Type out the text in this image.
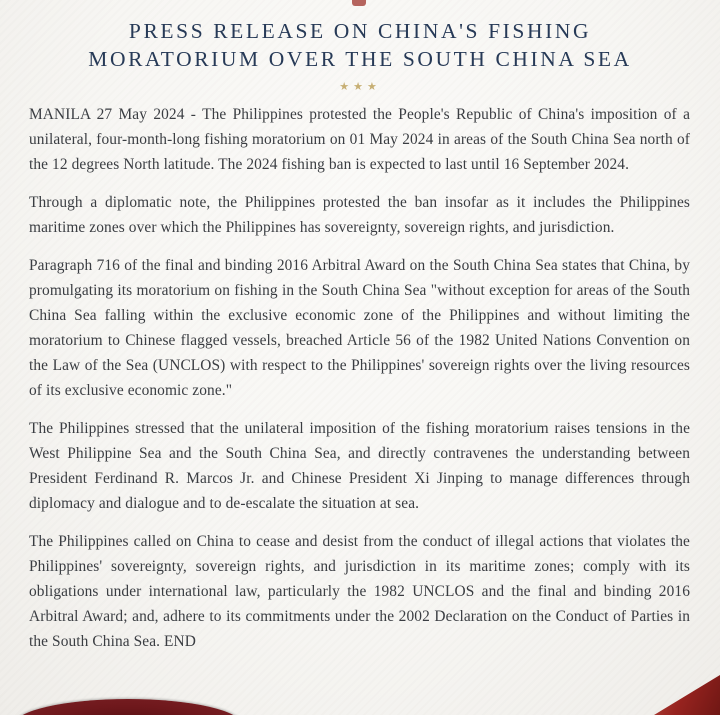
PRESS RELEASE ON CHINA'S FISHING
MORATORIUM OVER THE SOUTH CHINA SEA
★★★

MANILA 27 May 2024 - The Philippines protested the People's Republic of China's imposition of a unilateral, four-month-long fishing moratorium on 01 May 2024 in areas of the South China Sea north of the 12 degrees North latitude. The 2024 fishing ban is expected to last until 16 September 2024.

Through a diplomatic note, the Philippines protested the ban insofar as it includes the Philippines maritime zones over which the Philippines has sovereignty, sovereign rights, and jurisdiction.

Paragraph 716 of the final and binding 2016 Arbitral Award on the South China Sea states that China, by promulgating its moratorium on fishing in the South China Sea "without exception for areas of the South China Sea falling within the exclusive economic zone of the Philippines and without limiting the moratorium to Chinese flagged vessels, breached Article 56 of the 1982 United Nations Convention on the Law of the Sea (UNCLOS) with respect to the Philippines' sovereign rights over the living resources of its exclusive economic zone."

The Philippines stressed that the unilateral imposition of the fishing moratorium raises tensions in the West Philippine Sea and the South China Sea, and directly contravenes the understanding between President Ferdinand R. Marcos Jr. and Chinese President Xi Jinping to manage differences through diplomacy and dialogue and to de-escalate the situation at sea.

The Philippines called on China to cease and desist from the conduct of illegal actions that violates the Philippines' sovereignty, sovereign rights, and jurisdiction in its maritime zones; comply with its obligations under international law, particularly the 1982 UNCLOS and the final and binding 2016 Arbitral Award; and, adhere to its commitments under the 2002 Declaration on the Conduct of Parties in the South China Sea. END
